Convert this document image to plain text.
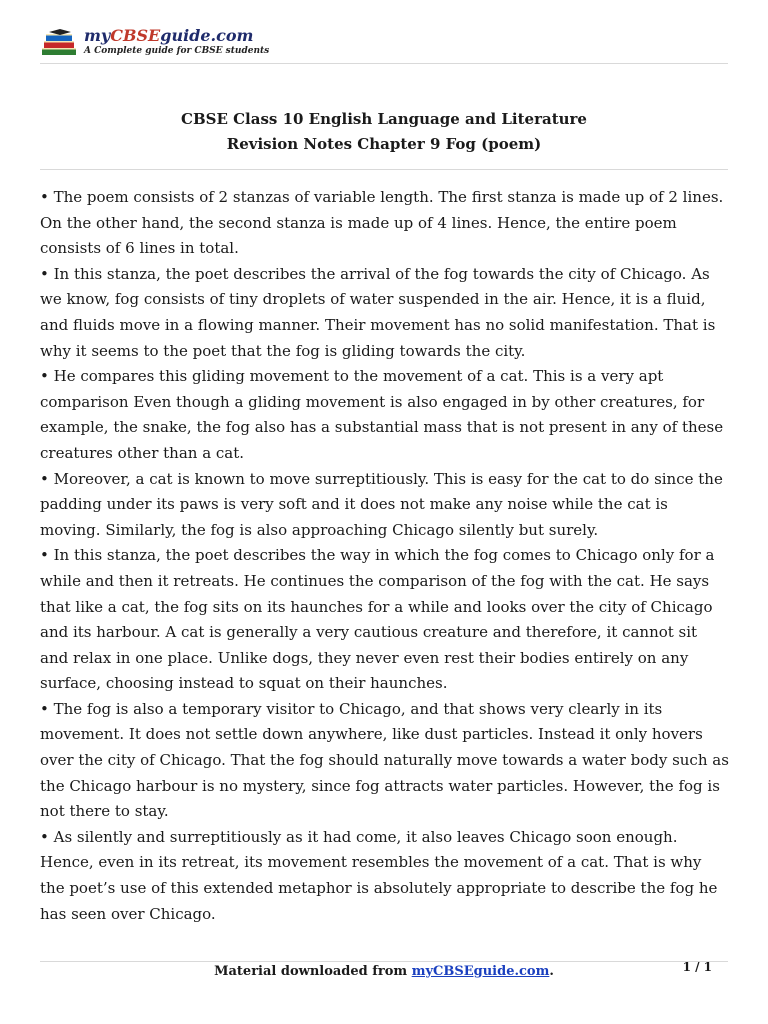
myCBSEguide.com
A Complete guide for CBSE students
CBSE Class 10 English Language and Literature
Revision Notes Chapter 9 Fog (poem)

• The poem consists of 2 stanzas of variable length. The first stanza is made up of 2 lines. On the other hand, the second stanza is made up of 4 lines. Hence, the entire poem consists of 6 lines in total.

• In this stanza, the poet describes the arrival of the fog towards the city of Chicago. As we know, fog consists of tiny droplets of water suspended in the air. Hence, it is a fluid, and fluids move in a flowing manner. Their movement has no solid manifestation. That is why it seems to the poet that the fog is gliding towards the city.

• He compares this gliding movement to the movement of a cat. This is a very apt comparison Even though a gliding movement is also engaged in by other creatures, for example, the snake, the fog also has a substantial mass that is not present in any of these creatures other than a cat.

• Moreover, a cat is known to move surreptitiously. This is easy for the cat to do since the padding under its paws is very soft and it does not make any noise while the cat is moving. Similarly, the fog is also approaching Chicago silently but surely.

• In this stanza, the poet describes the way in which the fog comes to Chicago only for a while and then it retreats. He continues the comparison of the fog with the cat. He says that like a cat, the fog sits on its haunches for a while and looks over the city of Chicago and its harbour. A cat is generally a very cautious creature and therefore, it cannot sit and relax in one place. Unlike dogs, they never even rest their bodies entirely on any surface, choosing instead to squat on their haunches.

• The fog is also a temporary visitor to Chicago, and that shows very clearly in its movement. It does not settle down anywhere, like dust particles. Instead it only hovers over the city of Chicago. That the fog should naturally move towards a water body such as the Chicago harbour is no mystery, since fog attracts water particles. However, the fog is not there to stay.

• As silently and surreptitiously as it had come, it also leaves Chicago soon enough. Hence, even in its retreat, its movement resembles the movement of a cat. That is why the poet’s use of this extended metaphor is absolutely appropriate to describe the fog he has seen over Chicago.

Material downloaded from myCBSEguide.com.	1 / 1
